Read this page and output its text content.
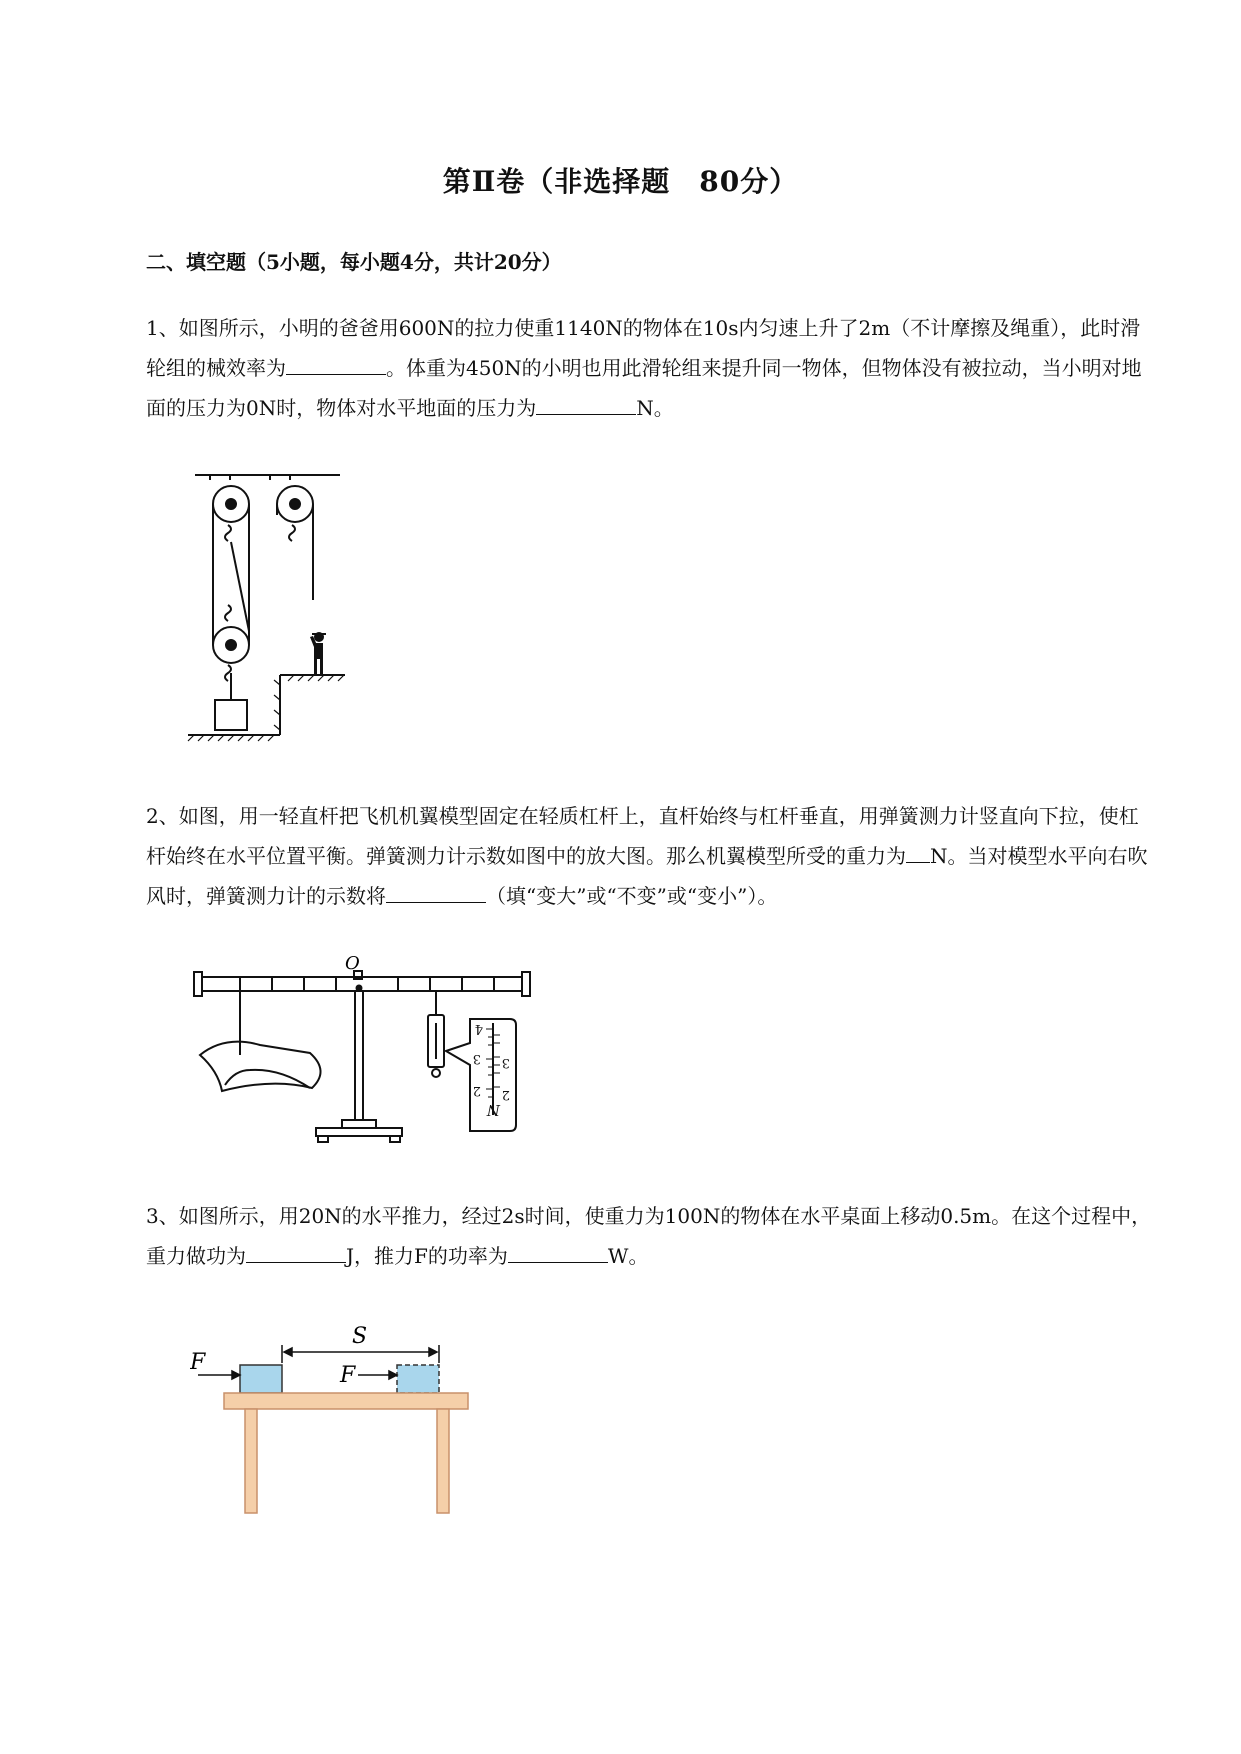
第Ⅱ卷（非选择题　80分）
二、填空题（5小题，每小题4分，共计20分）
1、如图所示，小明的爸爸用600N的拉力使重1140N的物体在10s内匀速上升了2m（不计摩擦及绳重），此时滑轮组的械效率为	。体重为450N的小明也用此滑轮组来提升同一物体，但物体没有被拉动，当小明对地面的压力为0N时，物体对水平地面的压力为	N。
2、如图，用一轻直杆把飞机机翼模型固定在轻质杠杆上，直杆始终与杠杆垂直，用弹簧测力计竖直向下拉，使杠杆始终在水平位置平衡。弹簧测力计示数如图中的放大图。那么机翼模型所受的重力为 N。当对模型水平向右吹风时，弹簧测力计的示数将	（填“变大”或“不变”或“变小”）。
O
4
3 3
2 2
N
3、如图所示，用20N的水平推力，经过2s时间，使重力为100N的物体在水平桌面上移动0.5m。在这个过程中，重力做功为	J，推力F的功率为	W。
F
F
S
